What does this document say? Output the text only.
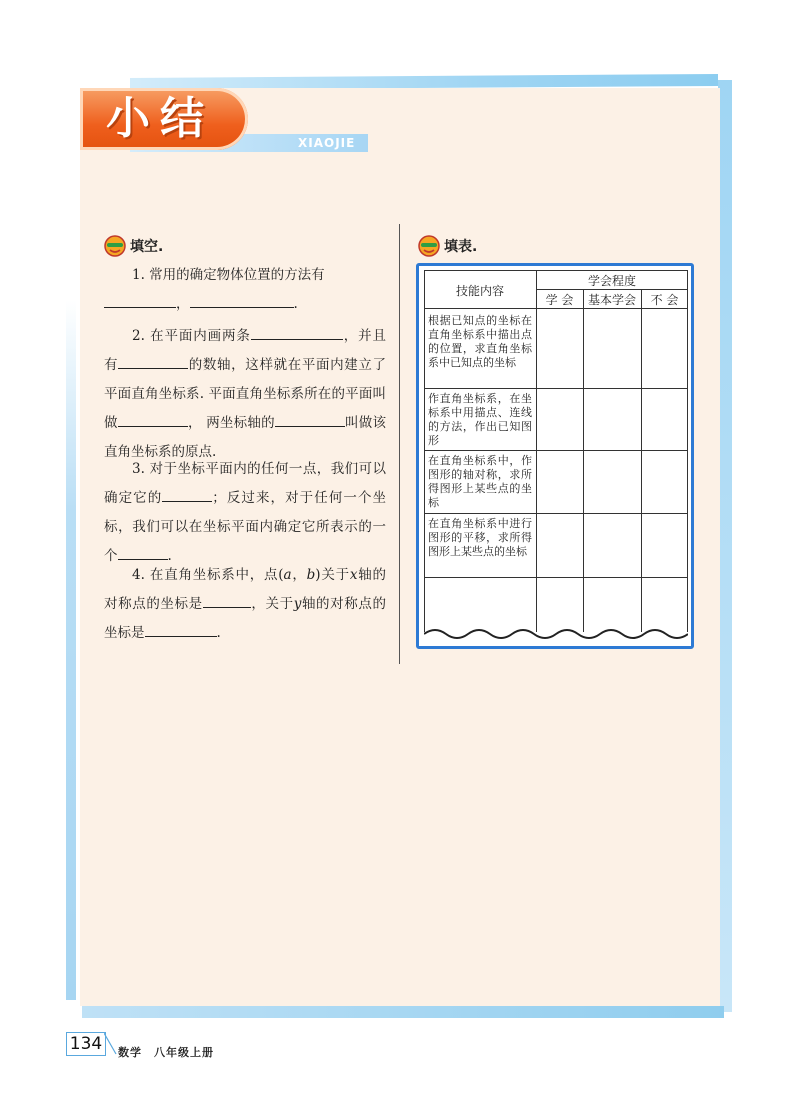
XIAOJIE
小结
填空.
1. 常用的确定物体位置的方法有
，	.
2. 在平面内画两条	，并且有	的数轴，这样就在平面内建立了平面直角坐标系. 平面直角坐标系所在的平面叫做	， 两坐标轴的	叫做该直角坐标系的原点.
3. 对于坐标平面内的任何一点，我们可以确定它的	；反过来，对于任何一个坐标，我们可以在坐标平面内确定它所表示的一个	.
4. 在直角坐标系中，点(a，b)关于x轴的对称点的坐标是	，关于y轴的对称点的坐标是	.
填表.
技能内容
学会程度
学 会	基本学会	不 会
根据已知点的坐标在直角坐标系中描出点的位置，求直角坐标系中已知点的坐标
作直角坐标系，在坐标系中用描点、连线的方法，作出已知图形
在直角坐标系中，作图形的轴对称，求所得图形上某些点的坐标
在直角坐标系中进行图形的平移，求所得图形上某些点的坐标
134	数学　八年级上册
